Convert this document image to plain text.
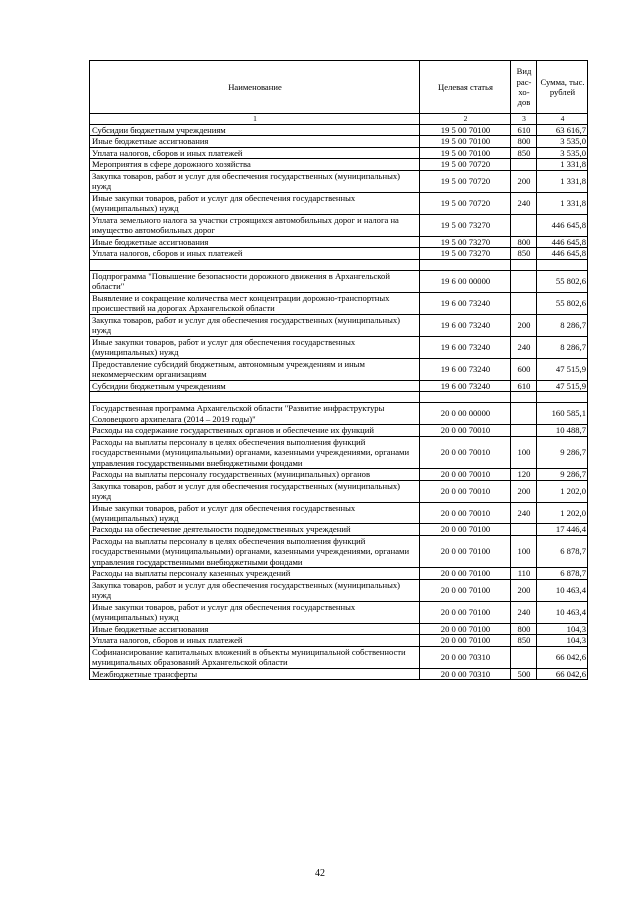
Наименование	Целевая статья	Вид рас-хо-дов	Сумма, тыс. рублей
1	2	3	4
Субсидии бюджетным учреждениям	19 5 00 70100	610	63 616,7
Иные бюджетные ассигнования	19 5 00 70100	800	3 535,0
Уплата налогов, сборов и иных платежей	19 5 00 70100	850	3 535,0
Мероприятия в сфере дорожного хозяйства	19 5 00 70720		1 331,8
Закупка товаров, работ и услуг для обеспечения государственных (муниципальных) нужд	19 5 00 70720	200	1 331,8
Иные закупки товаров, работ и услуг для обеспечения государственных (муниципальных) нужд	19 5 00 70720	240	1 331,8
Уплата земельного налога за участки строящихся автомобильных дорог и налога на имущество автомобильных дорог	19 5 00 73270		446 645,8
Иные бюджетные ассигнования	19 5 00 73270	800	446 645,8
Уплата налогов, сборов и иных платежей	19 5 00 73270	850	446 645,8

Подпрограмма "Повышение безопасности дорожного движения в Архангельской области"	19 6 00 00000		55 802,6
Выявление и сокращение количества мест концентрации дорожно-транспортных происшествий на дорогах Архангельской области	19 6 00 73240		55 802,6
Закупка товаров, работ и услуг для обеспечения государственных (муниципальных) нужд	19 6 00 73240	200	8 286,7
Иные закупки товаров, работ и услуг для обеспечения государственных (муниципальных) нужд	19 6 00 73240	240	8 286,7
Предоставление субсидий бюджетным, автономным учреждениям и иным некоммерческим организациям	19 6 00 73240	600	47 515,9
Субсидии бюджетным учреждениям	19 6 00 73240	610	47 515,9

Государственная программа Архангельской области "Развитие инфраструктуры Соловецкого архипелага (2014 – 2019 годы)"	20 0 00 00000		160 585,1
Расходы на содержание государственных органов и обеспечение их функций	20 0 00 70010		10 488,7
Расходы на выплаты персоналу в целях обеспечения выполнения функций государственными (муниципальными) органами, казенными учреждениями, органами управления государственными внебюджетными фондами	20 0 00 70010	100	9 286,7
Расходы на выплаты персоналу государственных (муниципальных) органов	20 0 00 70010	120	9 286,7
Закупка товаров, работ и услуг для обеспечения государственных (муниципальных) нужд	20 0 00 70010	200	1 202,0
Иные закупки товаров, работ и услуг для обеспечения государственных (муниципальных) нужд	20 0 00 70010	240	1 202,0
Расходы на обеспечение деятельности подведомственных учреждений	20 0 00 70100		17 446,4
Расходы на выплаты персоналу в целях обеспечения выполнения функций государственными (муниципальными) органами, казенными учреждениями, органами управления государственными внебюджетными фондами	20 0 00 70100	100	6 878,7
Расходы на выплаты персоналу казенных учреждений	20 0 00 70100	110	6 878,7
Закупка товаров, работ и услуг для обеспечения государственных (муниципальных) нужд	20 0 00 70100	200	10 463,4
Иные закупки товаров, работ и услуг для обеспечения государственных (муниципальных) нужд	20 0 00 70100	240	10 463,4
Иные бюджетные ассигнования	20 0 00 70100	800	104,3
Уплата налогов, сборов и иных платежей	20 0 00 70100	850	104,3
Софинансирование капитальных вложений в объекты муниципальной собственности муниципальных образований Архангельской области	20 0 00 70310		66 042,6
Межбюджетные трансферты	20 0 00 70310	500	66 042,6
42
